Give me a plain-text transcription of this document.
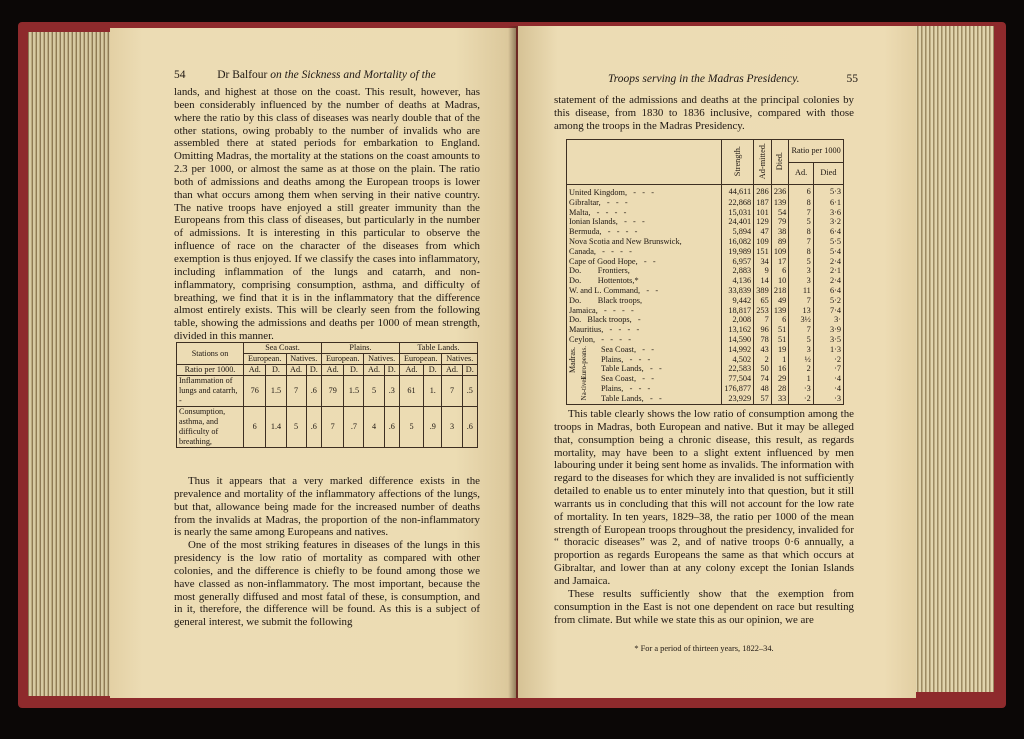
54	Dr Balfour on the Sickness and Mortality of the

lands, and highest at those on the coast. This result, however, has been considerably influenced by the number of deaths at Madras, where the ratio by this class of diseases was nearly double that of the other stations, owing probably to the number of invalids who are assembled there at stated periods for embarkation to England. Omitting Madras, the mortality at the stations on the coast amounts to 2.3 per 1000, or almost the same as at those on the plain. The ratio both of admissions and deaths among the European troops is lower than what occurs among them when serving in their native country. The native troops have enjoyed a still greater immunity than the Europeans from this class of diseases, but particularly in the number of admissions. It is interesting in this particular to observe the influence of race on the character of the diseases from which exemption is thus enjoyed. If we classify the cases into inflammatory, including inflammation of the lungs and catarrh, and non-inflammatory, comprising consumption, asthma, and difficulty of breathing, we find that it is in the inflammatory that the difference almost entirely exists. This will be clearly seen from the following table, showing the admissions and deaths per 1000 of mean strength, divided in this manner.

Stations on	Sea Coast.				Plains.				Table Lands.			
	European.		Natives.		European.		Natives.		European.		Natives.	
Ratio per 1000.	Ad.	D.	Ad.	D.	Ad.	D.	Ad.	D.	Ad.	D.	Ad.	D.
Inflammation of lungs and catarrh, -	76	1.5	7	.6	79	1.5	5	.3	61	1.	7	.5
Consumption, asthma, and difficulty of breathing,	6	1.4	5	.6	7	.7	4	.6	5	.9	3	.6

Thus it appears that a very marked difference exists in the prevalence and mortality of the inflammatory affections of the lungs, but that, allowance being made for the increased number of deaths from the invalids at Madras, the proportion of the non-inflammatory is nearly the same among Europeans and natives.

One of the most striking features in diseases of the lungs in this presidency is the low ratio of mortality as compared with other colonies, and the difference is chiefly to be found among those we have classed as non-inflammatory. The most important, because the most generally diffused and most fatal of these, is consumption, and in it, therefore, the difference will be found. As this is a subject of general interest, we submit the following

Troops serving in the Madras Presidency.	55

statement of the admissions and deaths at the principal colonies by this disease, from 1830 to 1836 inclusive, compared with those among the troops in the Madras Presidency.

	Strength.	Ad-mitted.	Died.	Ratio per 1000	
				Ad.	Died
United Kingdom,   -   -   -	44,611	286	236	6	5·3
Gibraltar,   -   -   -	22,868	187	139	8	6·1
Malta,   -   -   -   -	15,031	101	54	7	3·6
Ionian Islands,   -   -   -	24,401	129	79	5	3·2
Bermuda,   -   -   -   -	5,894	47	38	8	6·4
Nova Scotia and New Brunswick,	16,082	109	89	7	5·5
Canada,   -   -   -   -	19,989	151	109	8	5·4
Cape of Good Hope,   -   -	6,957	34	17	5	2·4
Do.        Frontiers,	2,883	9	6	3	2·1
Do.        Hottentots,*	4,136	14	10	3	2·4
W. and L. Command,   -   -	33,839	389	218	11	6·4
Do.        Black troops,	9,442	65	49	7	5·2
Jamaica,   -   -   -   -	18,817	253	139	13	7·4
Do.   Black troops,   -	2,008	7	6	3½	3·
Mauritius,   -   -   -   -	13,162	96	51	7	3·9
Ceylon,   -   -   -   -	14,590	78	51	5	3·5

Madras. Euro-peans. Sea Coast,   -   -	14,992	43	19	3	1·3
Plains,   -   -   -	4,502	2	1	½	·2
Table Lands,   -   -	22,583	50	16	2	·7

Na-tives. Sea Coast,   -   -	77,504	74	29	1	·4
Plains,   -   -   -	176,877	48	28	·3	·4
Table Lands,   -   -	23,929	57	33	·2	·3

This table clearly shows the low ratio of consumption among the troops in Madras, both European and native. But it may be alleged that, consumption being a chronic disease, this result, as regards mortality, may have been to a slight extent influenced by men labouring under it being sent home as invalids. The information with regard to the diseases for which they are invalided is not sufficiently detailed to enable us to enter minutely into that question, but it still warrants us in concluding that this will not account for the low rate of mortality. In ten years, 1829–38, the ratio per 1000 of the mean strength of European troops throughout the presidency, invalided for “ thoracic diseases” was 2, and of native troops 0·6 annually, a proportion as regards Europeans the same as that which occurs at Gibraltar, and lower than at any colony except the Ionian Islands and Jamaica.

These results sufficiently show that the exemption from consumption in the East is not one dependent on race but resulting from climate. But while we state this as our opinion, we are

* For a period of thirteen years, 1822–34.
